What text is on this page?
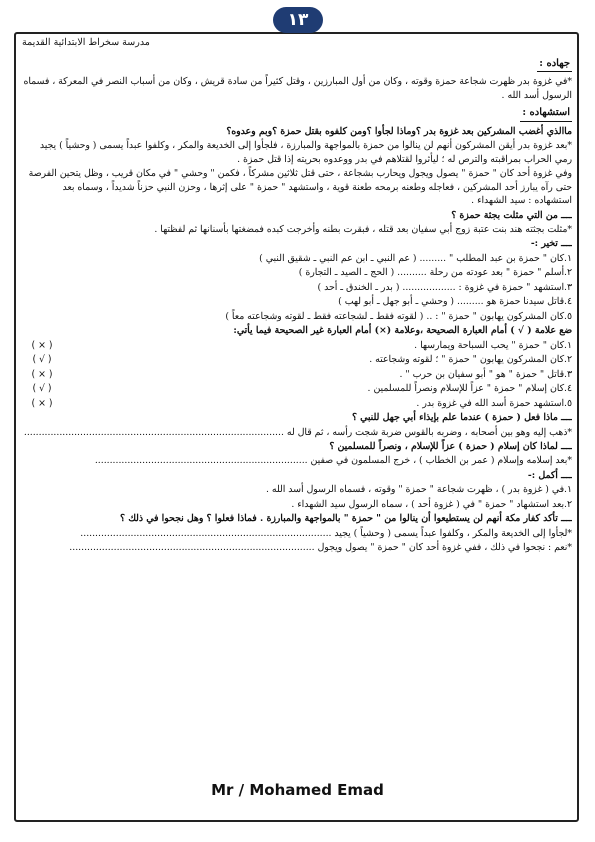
١٣
مدرسة سخراط الابتدائية القديمة
جهاده :

*في غزوة بدر ظهرت شجاعة حمزة وقوته ، وكان من أول المبارزين ، وقتل كثيراً من سادة قريش ، وكان من أسباب النصر في المعركة ، فسماه الرسول أسد الله .

استشهاده :

ماالذي أغضب المشركين بعد غزوة بدر ؟وماذا لجأوا ؟ومن كلفوه بقتل حمزة ؟وبم وعدوه؟

*بعد غزوة بدر أيقن المشركون أنهم لن ينالوا من حمزة بالمواجهة والمبارزة ، فلجأوا إلى الخديعة والمكر ، وكلفوا عبداً يسمى ( وحشياً ) يجيد رمي الحراب بمراقبته والترص له ؛ ليأثروا لقتلاهم في بدر ووعدوه بحريته إذا قتل حمزة .

وفي غزوة أحد كان " حمزة " يصول ويجول ويحارب بشجاعة ، حتى قتل ثلاثين مشركاً ، فكمن " وحشي " في مكان قريب ، وظل يتحين الفرصة حتى رآه يبارز أحد المشركين ، فعاجله وطعنه برمحه طعنة قوية ، واستشهد " حمزة " على إثرها ، وحزن النبي حزناً شديداً ، وسماه بعد استشهاده : سيد الشهداء .

ــــ من التي مثلت بجثة حمزة ؟

*مثلت بجثته هند بنت عتبة زوج أبي سفيان بعد قتله ، فبقرت بطنه وأخرجت كبده فمضغتها بأسنانها ثم لفظتها .

ــــ تخير :-

١.كان " حمزة بن عبد المطلب " ......... ( عم النبي ـ ابن عم النبي ـ شقيق النبي )
٢.أسلم " حمزة " بعد عودته من رحلة .......... ( الحج ـ الصيد ـ التجارة )
٣.استشهد " حمزة في غزوة : .................. ( بدر ـ الخندق ـ أحد )
٤.قاتل سيدنا حمزة هو ......... ( وحشي ـ أبو جهل ـ أبو لهب )
٥.كان المشركون يهابون " حمزة " : .. ( لقوته فقط ـ لشجاعته فقط ـ لقوته وشجاعته معاً )

ضع علامة ( √ ) أمام العبارة الصحيحة ،وعلامة (×) أمام العبارة غير الصحيحة فيما يأتي:

١.كان " حمزة " يحب السباحة ويمارسها .
( × )
٢.كان المشركون يهابون " حمزة " ؛ لقوته وشجاعته .
( √ )
٣.قاتل " حمزة " هو " أبو سفيان بن حرب " .
( × )
٤.كان إسلام " حمزة " عزاً للإسلام ونصراً للمسلمين .
( √ )
٥.استشهد حمزة أسد الله في غزوة بدر .
( × )

ــــ ماذا فعل ( حمزة ) عندما علم بإيذاء أبي جهل للنبي ؟

*ذهب إليه وهو بين أصحابه ، وضربه بالقوس ضربة شجت رأسه ، ثم قال له ........................................................................................

ــــ لماذا كان إسلام ( حمزة ) عزاً للإسلام ، ونصراً للمسلمين ؟

*بعد إسلامه وإسلام ( عمر بن الخطاب ) ، خرج المسلمون في صفين ........................................................................

ــــ أكمل :-

١.في ( غزوة بدر ) ، ظهرت شجاعة " حمزة " وقوته ، فسماه الرسول أسد الله .
٢.بعد استشهاد " حمزة " في ( غزوة أحد ) ، سماه الرسول سيد الشهداء .

ــــ تأكد كفار مكة أنهم لن يستطيعوا أن ينالوا من " حمزة " بالمواجهة والمبارزة . فماذا فعلوا ؟ وهل نجحوا في ذلك ؟

*لجأوا إلى الخديعة والمكر ، وكلفوا عبداً يسمى ( وحشياً ) يجيد .....................................................................................

*نعم : نجحوا في ذلك ، ففي غزوة أحد كان " حمزة " يصول ويجول ...................................................................................

Mr / Mohamed Emad
